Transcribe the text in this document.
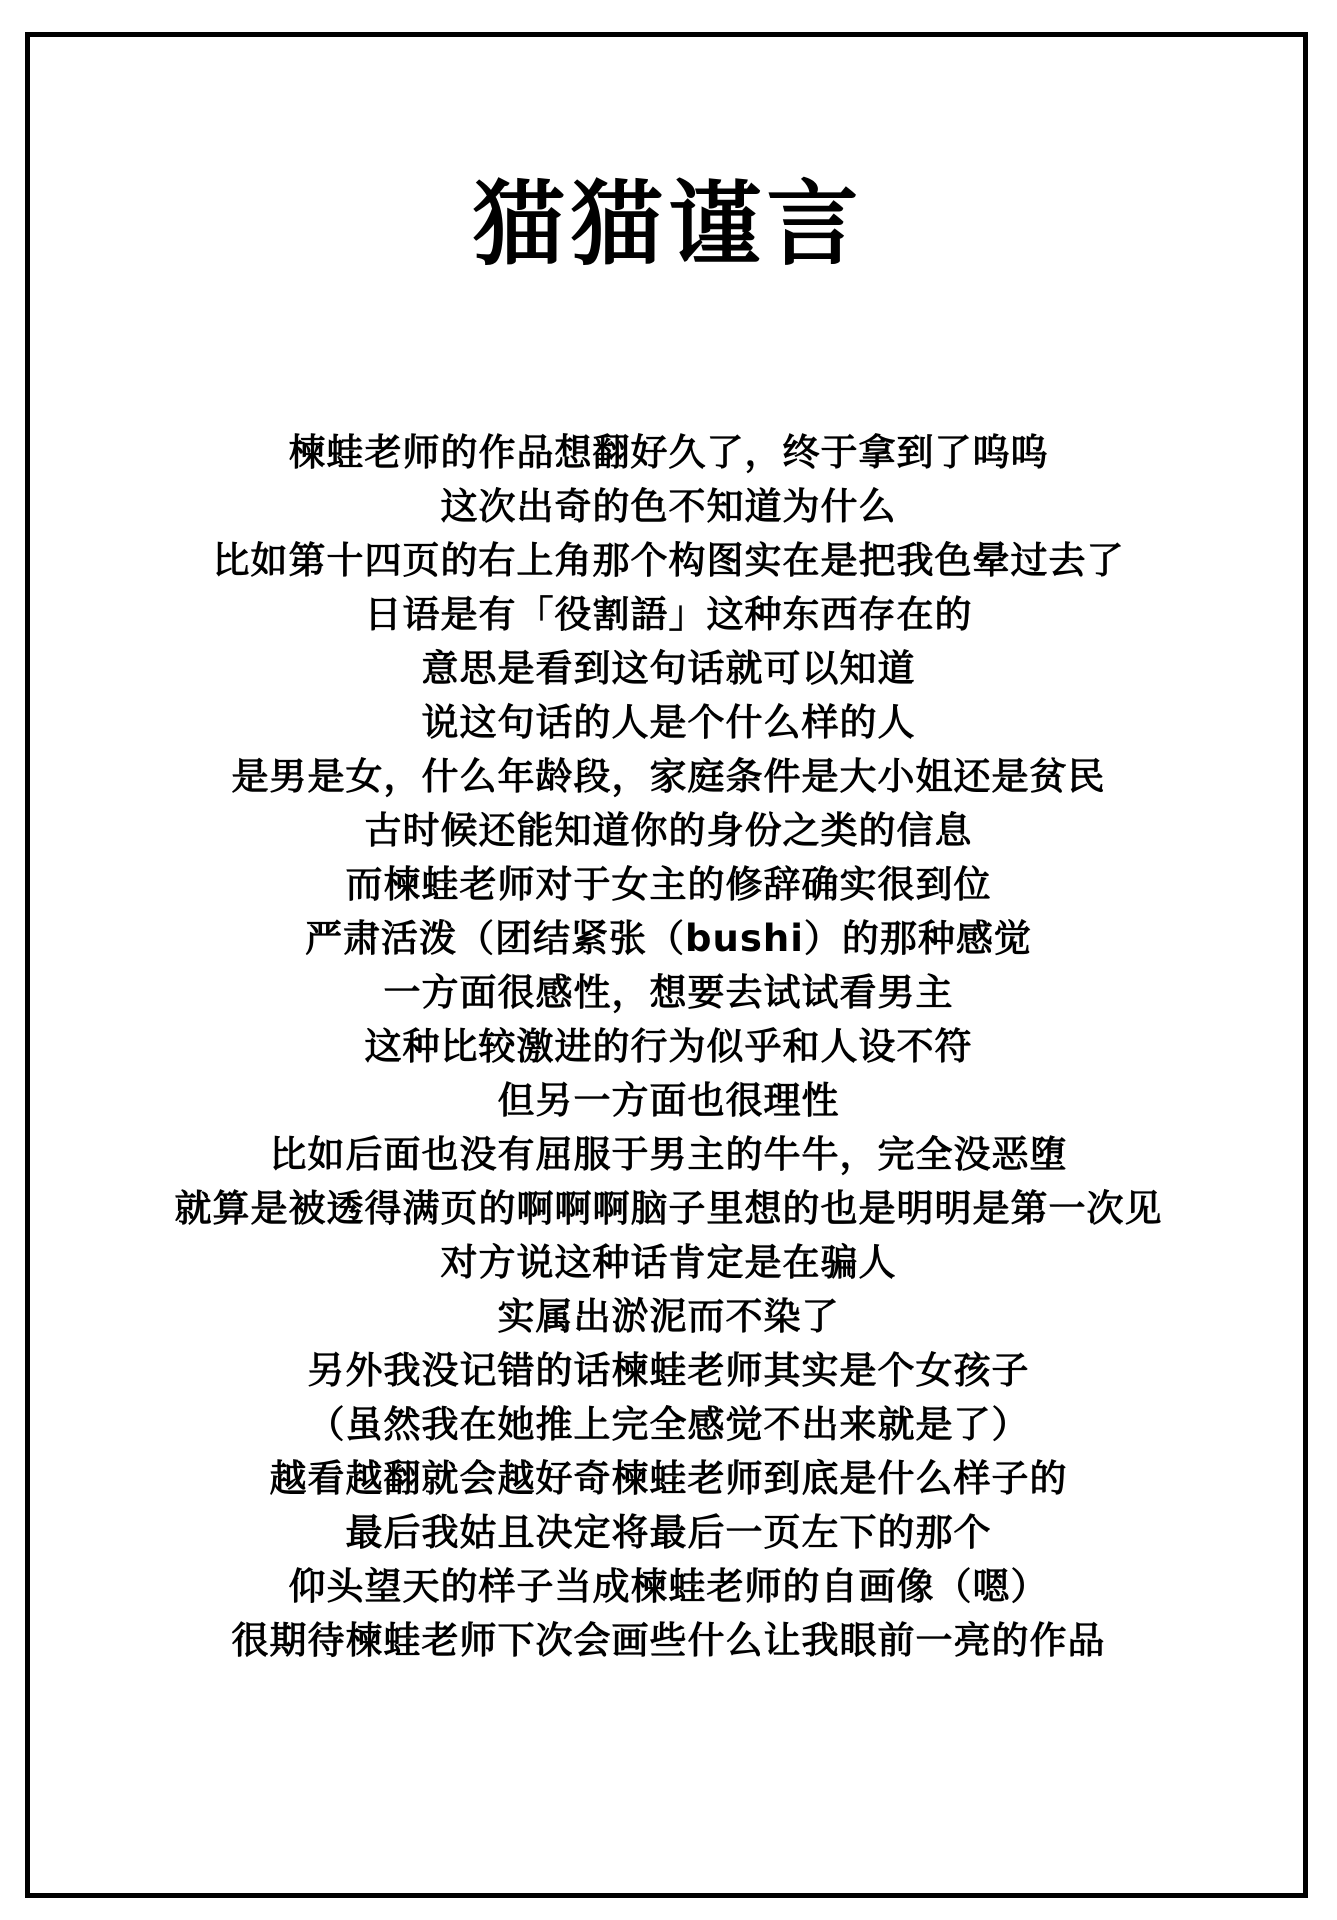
猫猫谨言
楝蛙老师的作品想翻好久了，终于拿到了呜呜
这次出奇的色不知道为什么
比如第十四页的右上角那个构图实在是把我色晕过去了
日语是有「役割語」这种东西存在的
意思是看到这句话就可以知道
说这句话的人是个什么样的人
是男是女，什么年龄段，家庭条件是大小姐还是贫民
古时候还能知道你的身份之类的信息
而楝蛙老师对于女主的修辞确实很到位
严肃活泼（团结紧张（bushi）的那种感觉
一方面很感性，想要去试试看男主
这种比较激进的行为似乎和人设不符
但另一方面也很理性
比如后面也没有屈服于男主的牛牛，完全没恶堕
就算是被透得满页的啊啊啊脑子里想的也是明明是第一次见
对方说这种话肯定是在骗人
实属出淤泥而不染了
另外我没记错的话楝蛙老师其实是个女孩子
（虽然我在她推上完全感觉不出来就是了）
越看越翻就会越好奇楝蛙老师到底是什么样子的
最后我姑且决定将最后一页左下的那个
仰头望天的样子当成楝蛙老师的自画像（嗯）
很期待楝蛙老师下次会画些什么让我眼前一亮的作品
